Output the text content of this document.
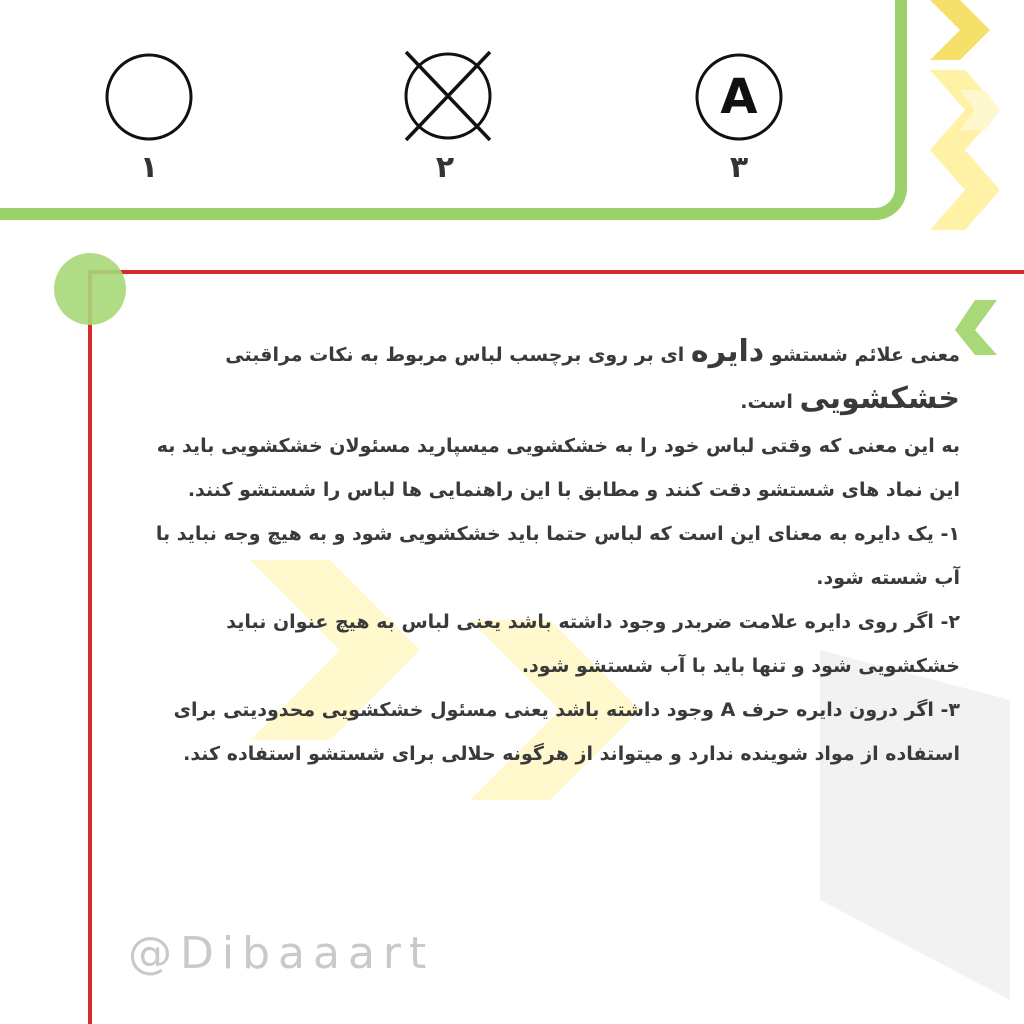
۱	۲
A
۳

معنی علائم شستشو دایره ای بر روی برچسب لباس مربوط به نکات مراقبتی خشکشویی است.

به این معنی که وقتی لباس خود را به خشکشویی میسپارید مسئولان خشکشویی باید به این نماد های شستشو دقت کنند و مطابق با این راهنمایی ها لباس را شستشو کنند.

۱- یک دایره به معنای این است که لباس حتما باید خشکشویی شود و به هیچ وجه نباید با آب شسته شود.

۲- اگر روی دایره علامت ضربدر وجود داشته باشد یعنی لباس به هیچ عنوان نباید خشکشویی شود و تنها باید با آب شستشو شود.

۳- اگر درون دایره حرف A وجود داشته باشد یعنی مسئول خشکشویی محدودیتی برای استفاده از مواد شوینده ندارد و میتواند از هرگونه حلالی برای شستشو استفاده کند.

@Dibaaart
